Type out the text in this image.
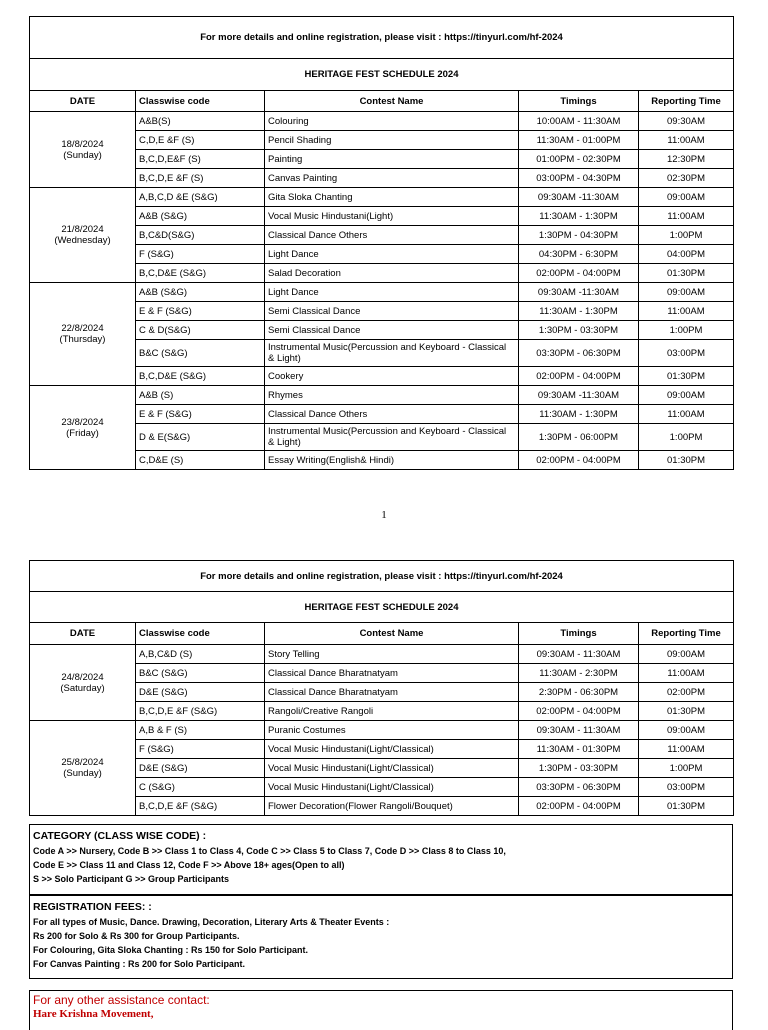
For more details and online registration, please visit : https://tinyurl.com/hf-2024				
HERITAGE FEST SCHEDULE 2024				
DATE	Classwise code	Contest Name	Timings	Reporting Time

18/8/2024
(Sunday)	A&B(S)	Colouring	10:00AM - 11:30AM	09:30AM
	C,D,E &F (S)	Pencil Shading	11:30AM - 01:00PM	11:00AM
	B,C,D,E&F (S)	Painting	01:00PM - 02:30PM	12:30PM
	B,C,D,E &F (S)	Canvas Painting	03:00PM - 04:30PM	02:30PM

21/8/2024
(Wednesday)	A,B,C,D &E (S&G)	Gita Sloka Chanting	09:30AM -11:30AM	09:00AM
	A&B (S&G)	Vocal Music Hindustani(Light)	11:30AM - 1:30PM	11:00AM
	B,C&D(S&G)	Classical Dance Others	1:30PM - 04:30PM	1:00PM
	F (S&G)	Light Dance	04:30PM - 6:30PM	04:00PM
	B,C,D&E (S&G)	Salad Decoration	02:00PM - 04:00PM	01:30PM

22/8/2024
(Thursday)	A&B (S&G)	Light Dance	09:30AM -11:30AM	09:00AM
	E & F (S&G)	Semi Classical Dance	11:30AM - 1:30PM	11:00AM
	C & D(S&G)	Semi Classical Dance	1:30PM - 03:30PM	1:00PM
	B&C (S&G)	Instrumental Music(Percussion and Keyboard - Classical & Light)	03:30PM - 06:30PM	03:00PM
	B,C,D&E (S&G)	Cookery	02:00PM - 04:00PM	01:30PM

23/8/2024
(Friday)	A&B (S)	Rhymes	09:30AM -11:30AM	09:00AM
	E & F (S&G)	Classical Dance Others	11:30AM - 1:30PM	11:00AM
	D & E(S&G)	Instrumental Music(Percussion and Keyboard - Classical & Light)	1:30PM - 06:00PM	1:00PM
	C,D&E (S)	Essay Writing(English& Hindi)	02:00PM - 04:00PM	01:30PM
1
For more details and online registration, please visit : https://tinyurl.com/hf-2024				
HERITAGE FEST SCHEDULE 2024				
DATE	Classwise code	Contest Name	Timings	Reporting Time

24/8/2024
(Saturday)	A,B,C&D (S)	Story Telling	09:30AM - 11:30AM	09:00AM
	B&C (S&G)	Classical Dance Bharatnatyam	11:30AM - 2:30PM	11:00AM
	D&E (S&G)	Classical Dance Bharatnatyam	2:30PM - 06:30PM	02:00PM
	B,C,D,E &F (S&G)	Rangoli/Creative Rangoli	02:00PM - 04:00PM	01:30PM

25/8/2024
(Sunday)	A,B & F (S)	Puranic Costumes	09:30AM - 11:30AM	09:00AM
	F (S&G)	Vocal Music Hindustani(Light/Classical)	11:30AM - 01:30PM	11:00AM
	D&E (S&G)	Vocal Music Hindustani(Light/Classical)	1:30PM - 03:30PM	1:00PM
	C (S&G)	Vocal Music Hindustani(Light/Classical)	03:30PM - 06:30PM	03:00PM
	B,C,D,E &F (S&G)	Flower Decoration(Flower Rangoli/Bouquet)	02:00PM - 04:00PM	01:30PM
CATEGORY (CLASS WISE CODE) :
Code A >> Nursery, Code B >> Class 1 to Class 4, Code C >> Class 5 to Class 7, Code D >> Class 8 to Class 10,
Code E >> Class 11 and Class 12, Code F >> Above 18+ ages(Open to all)
S >> Solo Participant G >> Group Participants
REGISTRATION FEES: :
For all types of Music, Dance. Drawing, Decoration, Literary Arts & Theater Events :
Rs 200 for Solo & Rs 300 for Group Participants.
For Colouring, Gita Sloka Chanting : Rs 150 for Solo Participant.
For Canvas Painting : Rs 200 for Solo Participant.
For any other assistance contact:
Hare Krishna Movement,
